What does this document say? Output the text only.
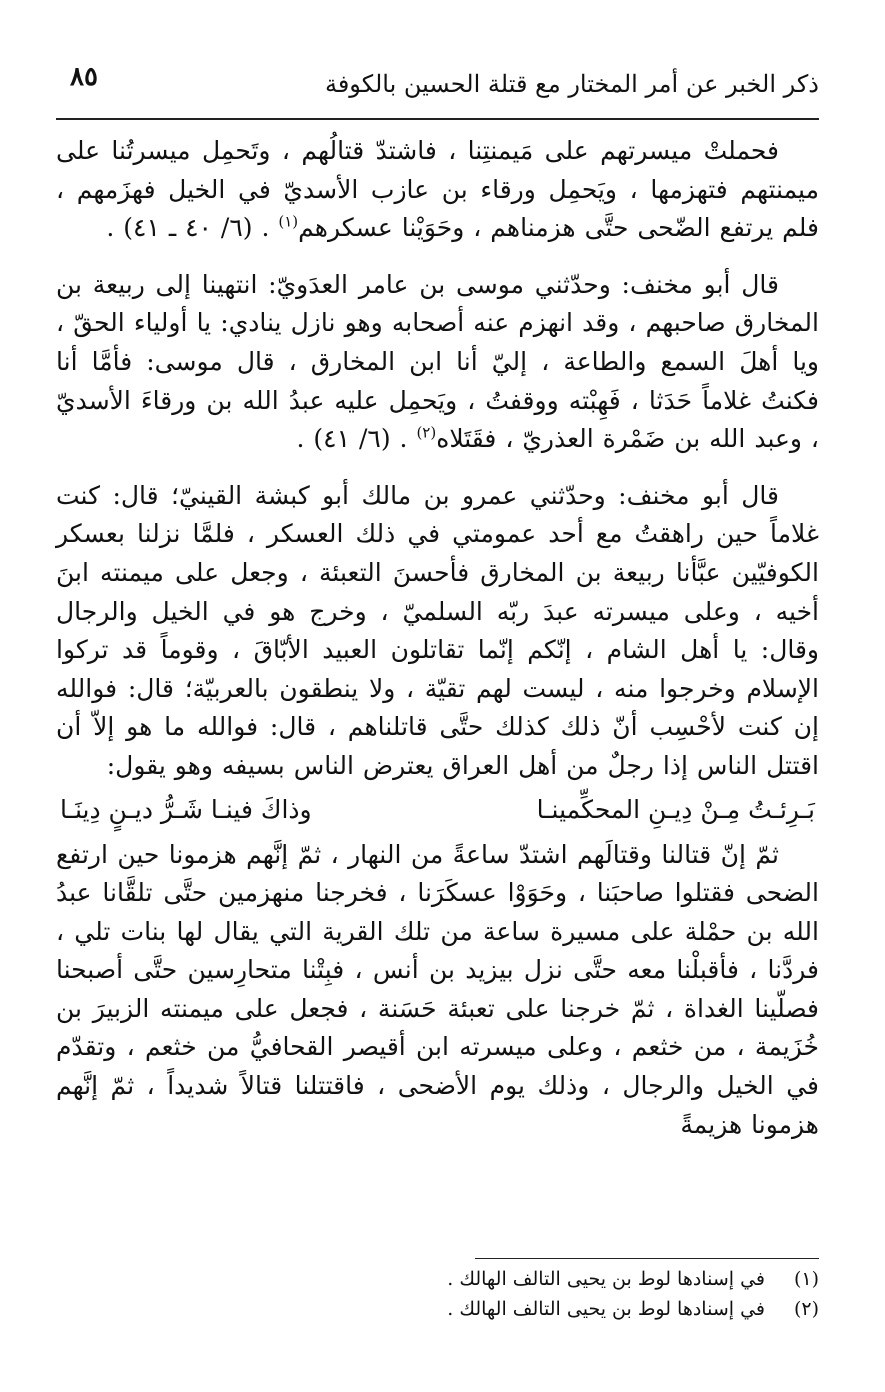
ذكر الخبر عن أمر المختار مع قتلة الحسين بالكوفة
٨٥

فحملتْ ميسرتهم على مَيمنتِنا ، فاشتدّ قتالُهم ، وتَحمِل ميسرتُنا على ميمنتهم فتهزمها ، ويَحمِل ورقاء بن عازب الأسديّ في الخيل فهزَمهم ، فلم يرتفع الضّحى حتَّى هزمناهم ، وحَوَيْنا عسكرهم$^{(١)}$ . (٦/ ٤٠ ـ ٤١) .

قال أبو مخنف: وحدّثني موسى بن عامر العدَويّ: انتهينا إلى ربيعة بن المخارق صاحبهم ، وقد انهزم عنه أصحابه وهو نازل ينادي: يا أولياء الحقّ ، ويا أهلَ السمع والطاعة ، إليّ أنا ابن المخارق ، قال موسى: فأمَّا أنا فكنتُ غلاماً حَدَثا ، فَهِبْته ووقفتُ ، ويَحمِل عليه عبدُ الله بن ورقاءَ الأسديّ ، وعبد الله بن ضَمْرة العذريّ ، فقَتَلاه$^{(٢)}$ . (٦/ ٤١) .

قال أبو مخنف: وحدّثني عمرو بن مالك أبو كبشة القينيّ؛ قال: كنت غلاماً حين راهقتُ مع أحد عمومتي في ذلك العسكر ، فلمَّا نزلنا بعسكر الكوفيّين عبَّأنا ربيعة بن المخارق فأحسنَ التعبئة ، وجعل على ميمنته ابنَ أخيه ، وعلى ميسرته عبدَ ربّه السلميّ ، وخرج هو في الخيل والرجال وقال: يا أهل الشام ، إنّكم إنّما تقاتلون العبيد الأبّاقَ ، وقوماً قد تركوا الإسلام وخرجوا منه ، ليست لهم تقيّة ، ولا ينطقون بالعربيّة؛ قال: فوالله إن كنت لأحْسِب أنّ ذلك كذلك حتَّى قاتلناهم ، قال: فوالله ما هو إلاّ أن اقتتل الناس إذا رجلٌ من أهل العراق يعترض الناس بسيفه وهو يقول:

بَـرِئـتُ مِـنْ دِيـنِ المحكِّمينـا
وذاكَ فينـا شَـرُّ ديـنٍ دِينَـا

ثمّ إنّ قتالنا وقتالَهم اشتدّ ساعةً من النهار ، ثمّ إنَّهم هزمونا حين ارتفع الضحى فقتلوا صاحبَنا ، وحَوَوْا عسكَرَنا ، فخرجنا منهزمين حتَّى تلقَّانا عبدُ الله بن حمْلة على مسيرة ساعة من تلك القرية التي يقال لها بنات تلي ، فردَّنا ، فأقبلْنا معه حتَّى نزل بيزيد بن أنس ، فبِتْنا متحارِسين حتَّى أصبحنا فصلّينا الغداة ، ثمّ خرجنا على تعبئة حَسَنة ، فجعل على ميمنته الزبيرَ بن خُزَيمة ، من خثعم ، وعلى ميسرته ابن أقيصر القحافيُّ من خثعم ، وتقدّم في الخيل والرجال ، وذلك يوم الأضحى ، فاقتتلنا قتالاً شديداً ، ثمّ إنَّهم هزمونا هزيمةً

(١)
في إسنادها لوط بن يحيى التالف الهالك .
(٢)
في إسنادها لوط بن يحيى التالف الهالك .
